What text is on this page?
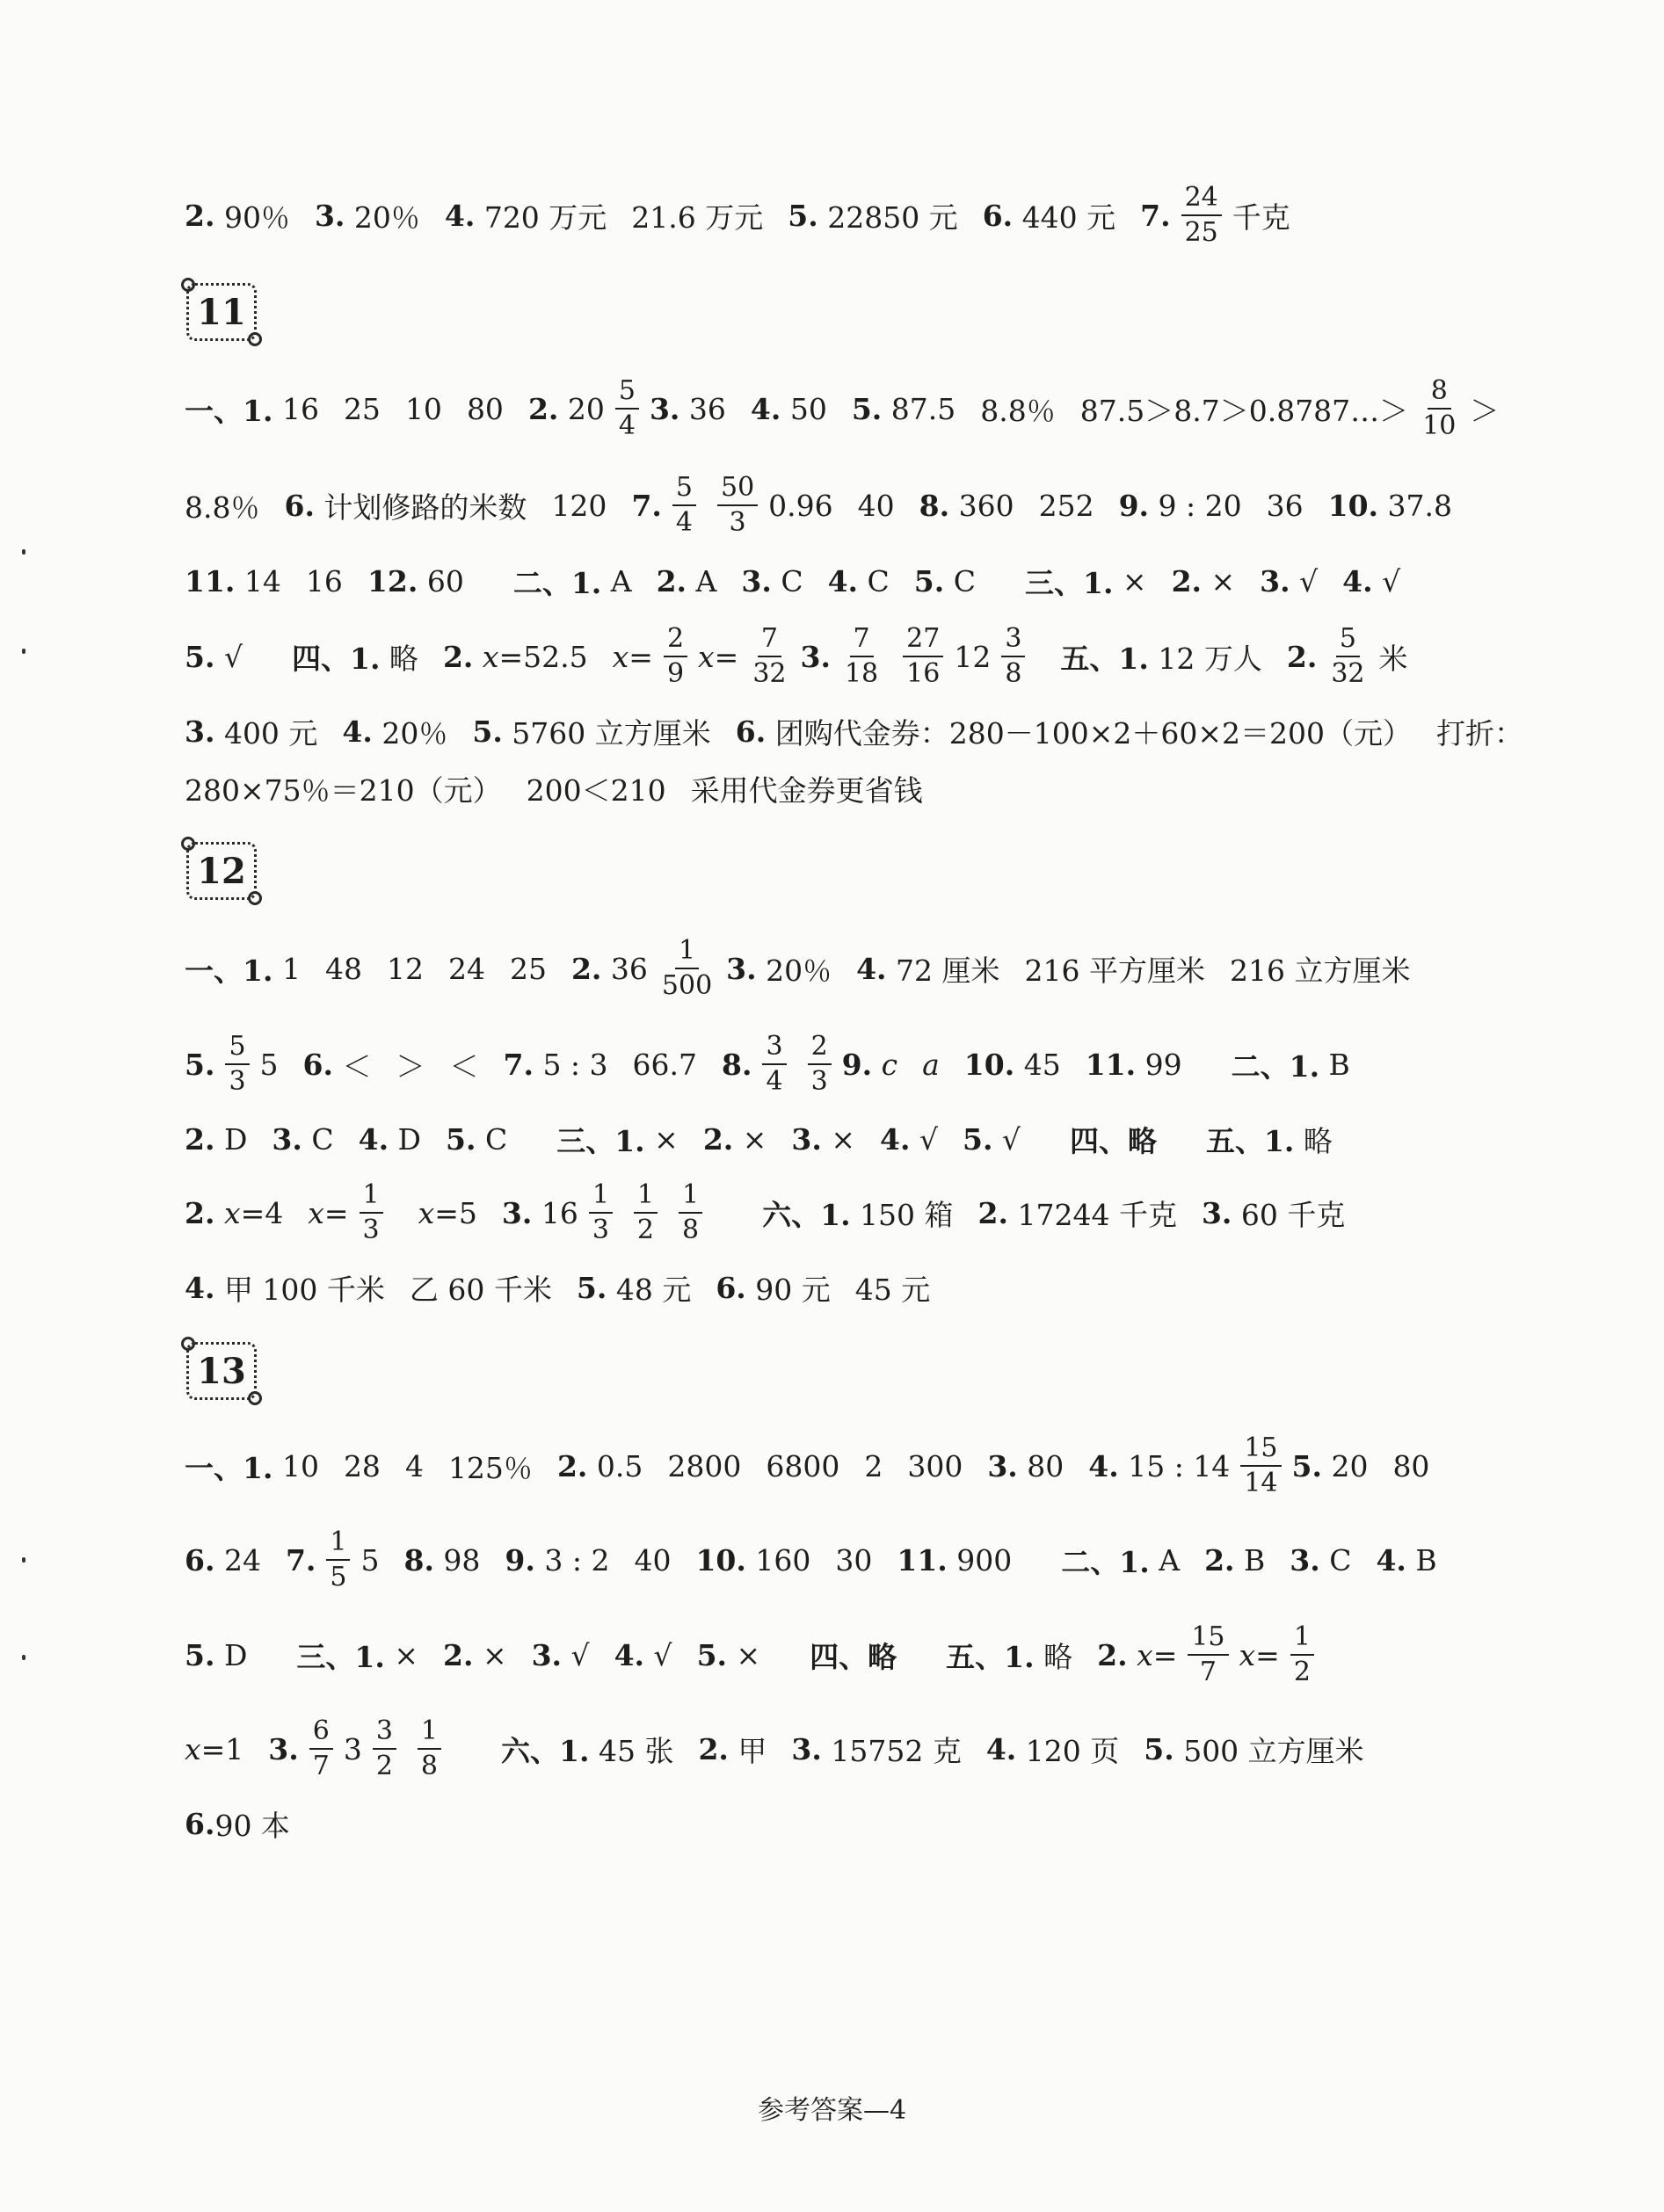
2. 90％ 3. 20％ 4. 720 万元 21.6 万元 5. 22850 元 6. 440 元 7. $\frac{24}{25}$ 千克
11
一、1. 16 25 10 80 2. $20 \frac{5}{4} 3$. 36 4. 50 5. 87.5 8.8％ 87.5＞8.7＞0.8787…＞ $\frac{8}{10}$ ＞
8.8％ 6. 计划修路的米数 120 7. $\frac{5}{4} \frac{50}{3} 0.96$ 40 8. 360 252 9. 9 : 20 36 10. 37.8
11. 14 16 12. 60 二、1. A 2. A 3. C 4. C 5. C 三、1. × 2. × 3. √ 4. √
5. √ 四、1. 略 2.
x =52.5 $x = \frac{2}{9}$ $x = \frac{7}{32} 3$. $\frac{7}{18} \frac{27}{16} 12 \frac{3}{8}$ 五、1. 12 万人 2. $\frac{5}{32}$ 米
3. 400 元 4. 20％ 5. 5760 立方厘米 6. 团购代金券：280－100×2＋60×2＝200（元） 打折：
280×75％＝210（元） 200＜210 采用代金券更省钱
12
一、1. 1 48 12 24 25 2. $36 \frac{1}{500} 3$. 20％ 4. 72 厘米 216 平方厘米 216 立方厘米
5. $\frac{5}{3} 5$ 6. ＜ ＞ ＜ 7. 5 : 3 66.7 8. $\frac{3}{4} \frac{2}{3} 9$.
c a 10. 45 11. 99 二、1. B
2. D 3. C 4. D 5. C 三、1. × 2. × 3. × 4. √ 5. √ 四、略 五、1. 略
2.
x =4 $x = \frac{1}{3}$ x =5 3. $16 \frac{1}{3} \frac{1}{2} \frac{1}{8}$ 六、1. 150 箱 2. 17244 千克 3. 60 千克
4. 甲 100 千米 乙 60 千米 5. 48 元 6. 90 元 45 元
13
一、1. 10 28 4 125％ 2. 0.5 2800 6800 2 300 3. 80 4. 15 : $14 \frac{15}{14} 5$. 20 80
6. 24 7. $\frac{1}{5} 5$ 8. 98 9. 3 : 2 40 10. 160 30 11. 900 二、1. A 2. B 3. C 4. B
5. D 三、1. × 2. × 3. √ 4. √ 5. × 四、略 五、1. 略 2.
$x = \frac{15}{7}$ $x = \frac{1}{2}$
x =1 3. $\frac{6}{7} 3 \frac{3}{2} \frac{1}{8}$ 六、1. 45 张 2. 甲 3. 15752 克 4. 120 页 5. 500 立方厘米
6. 90 本
参考答案—4
